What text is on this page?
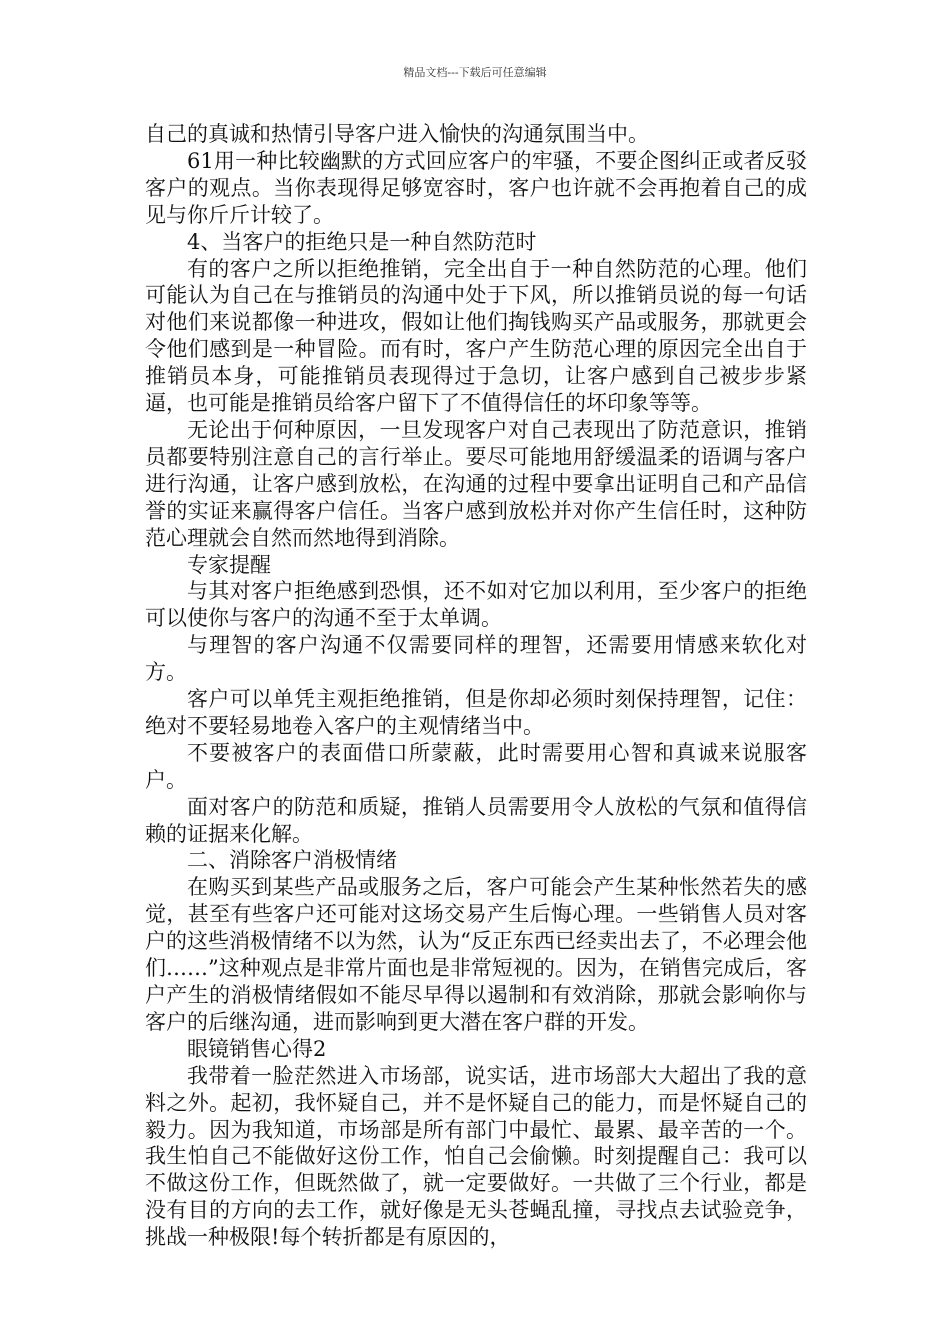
精品文档---下载后可任意编辑

自己的真诚和热情引导客户进入愉快的沟通氛围当中。

61用一种比较幽默的方式回应客户的牢骚，不要企图纠正或者反驳客户的观点。当你表现得足够宽容时，客户也许就不会再抱着自己的成见与你斤斤计较了。

4、当客户的拒绝只是一种自然防范时

有的客户之所以拒绝推销，完全出自于一种自然防范的心理。他们可能认为自己在与推销员的沟通中处于下风，所以推销员说的每一句话对他们来说都像一种进攻，假如让他们掏钱购买产品或服务，那就更会令他们感到是一种冒险。而有时，客户产生防范心理的原因完全出自于推销员本身，可能推销员表现得过于急切，让客户感到自己被步步紧逼，也可能是推销员给客户留下了不值得信任的坏印象等等。

无论出于何种原因，一旦发现客户对自己表现出了防范意识，推销员都要特别注意自己的言行举止。要尽可能地用舒缓温柔的语调与客户进行沟通，让客户感到放松，在沟通的过程中要拿出证明自己和产品信誉的实证来赢得客户信任。当客户感到放松并对你产生信任时，这种防范心理就会自然而然地得到消除。

专家提醒

与其对客户拒绝感到恐惧，还不如对它加以利用，至少客户的拒绝可以使你与客户的沟通不至于太单调。

与理智的客户沟通不仅需要同样的理智，还需要用情感来软化对方。

客户可以单凭主观拒绝推销，但是你却必须时刻保持理智，记住：绝对不要轻易地卷入客户的主观情绪当中。

不要被客户的表面借口所蒙蔽，此时需要用心智和真诚来说服客户。

面对客户的防范和质疑，推销人员需要用令人放松的气氛和值得信赖的证据来化解。

二、消除客户消极情绪

在购买到某些产品或服务之后，客户可能会产生某种怅然若失的感觉，甚至有些客户还可能对这场交易产生后悔心理。一些销售人员对客户的这些消极情绪不以为然，认为“反正东西已经卖出去了，不必理会他们……”这种观点是非常片面也是非常短视的。因为，在销售完成后，客户产生的消极情绪假如不能尽早得以遏制和有效消除，那就会影响你与客户的后继沟通，进而影响到更大潜在客户群的开发。

眼镜销售心得2

我带着一脸茫然进入市场部，说实话，进市场部大大超出了我的意料之外。起初，我怀疑自己，并不是怀疑自己的能力，而是怀疑自己的毅力。因为我知道，市场部是所有部门中最忙、最累、最辛苦的一个。我生怕自己不能做好这份工作，怕自己会偷懒。时刻提醒自己：我可以不做这份工作，但既然做了，就一定要做好。一共做了三个行业，都是没有目的方向的去工作，就好像是无头苍蝇乱撞，寻找点去试验竞争，挑战一种极限!每个转折都是有原因的，
